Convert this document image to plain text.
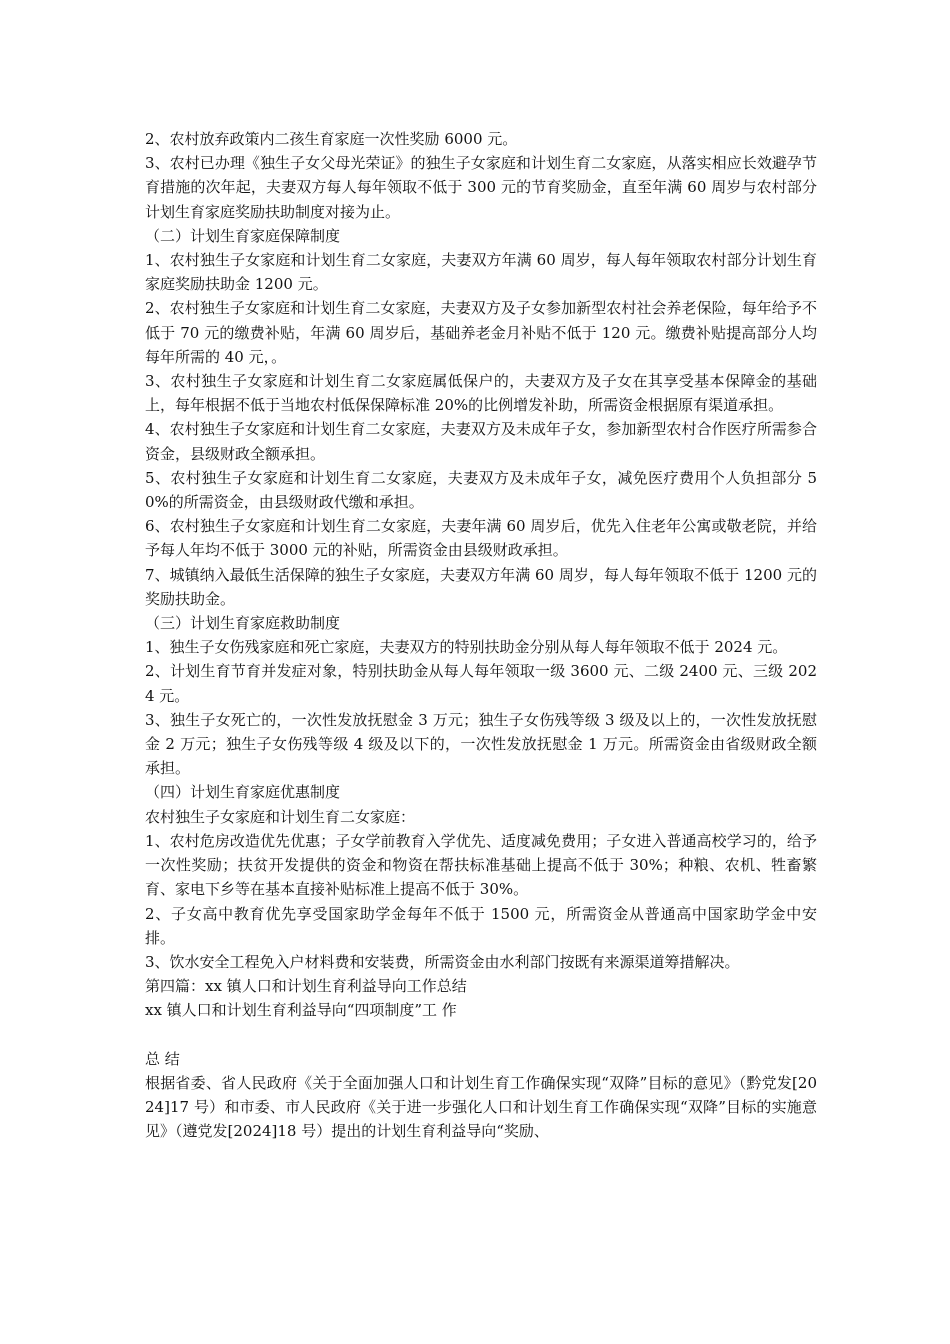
2、农村放弃政策内二孩生育家庭一次性奖励 6000 元。

3、农村已办理《独生子女父母光荣证》的独生子女家庭和计划生育二女家庭，从落实相应长效避孕节育措施的次年起，夫妻双方每人每年领取不低于 300 元的节育奖励金，直至年满 60 周岁与农村部分计划生育家庭奖励扶助制度对接为止。

（二）计划生育家庭保障制度

1、农村独生子女家庭和计划生育二女家庭，夫妻双方年满 60 周岁，每人每年领取农村部分计划生育家庭奖励扶助金 1200 元。

2、农村独生子女家庭和计划生育二女家庭，夫妻双方及子女参加新型农村社会养老保险，每年给予不低于 70 元的缴费补贴，年满 60 周岁后，基础养老金月补贴不低于 120 元。缴费补贴提高部分人均每年所需的 40 元，。

3、农村独生子女家庭和计划生育二女家庭属低保户的，夫妻双方及子女在其享受基本保障金的基础上，每年根据不低于当地农村低保保障标准 20%的比例增发补助，所需资金根据原有渠道承担。

4、农村独生子女家庭和计划生育二女家庭，夫妻双方及未成年子女，参加新型农村合作医疗所需参合资金，县级财政全额承担。

5、农村独生子女家庭和计划生育二女家庭，夫妻双方及未成年子女，减免医疗费用个人负担部分 50%的所需资金，由县级财政代缴和承担。

6、农村独生子女家庭和计划生育二女家庭，夫妻年满 60 周岁后，优先入住老年公寓或敬老院，并给予每人年均不低于 3000 元的补贴，所需资金由县级财政承担。

7、城镇纳入最低生活保障的独生子女家庭，夫妻双方年满 60 周岁，每人每年领取不低于 1200 元的奖励扶助金。

（三）计划生育家庭救助制度

1、独生子女伤残家庭和死亡家庭，夫妻双方的特别扶助金分别从每人每年领取不低于 2024 元。

2、计划生育节育并发症对象，特别扶助金从每人每年领取一级 3600 元、二级 2400 元、三级 2024 元。

3、独生子女死亡的，一次性发放抚慰金 3 万元；独生子女伤残等级 3 级及以上的，一次性发放抚慰金 2 万元；独生子女伤残等级 4 级及以下的，一次性发放抚慰金 1 万元。所需资金由省级财政全额承担。

（四）计划生育家庭优惠制度

农村独生子女家庭和计划生育二女家庭：

1、农村危房改造优先优惠；子女学前教育入学优先、适度减免费用；子女进入普通高校学习的，给予一次性奖励；扶贫开发提供的资金和物资在帮扶标准基础上提高不低于 30%；种粮、农机、牲畜繁育、家电下乡等在基本直接补贴标准上提高不低于 30%。

2、子女高中教育优先享受国家助学金每年不低于 1500 元，所需资金从普通高中国家助学金中安排。

3、饮水安全工程免入户材料费和安装费，所需资金由水利部门按既有来源渠道筹措解决。

第四篇：xx 镇人口和计划生育利益导向工作总结

xx 镇人口和计划生育利益导向“四项制度”工 作

总 结

根据省委、省人民政府《关于全面加强人口和计划生育工作确保实现“双降”目标的意见》（黔党发[2024]17 号）和市委、市人民政府《关于进一步强化人口和计划生育工作确保实现“双降”目标的实施意见》（遵党发[2024]18 号）提出的计划生育利益导向“奖励、
